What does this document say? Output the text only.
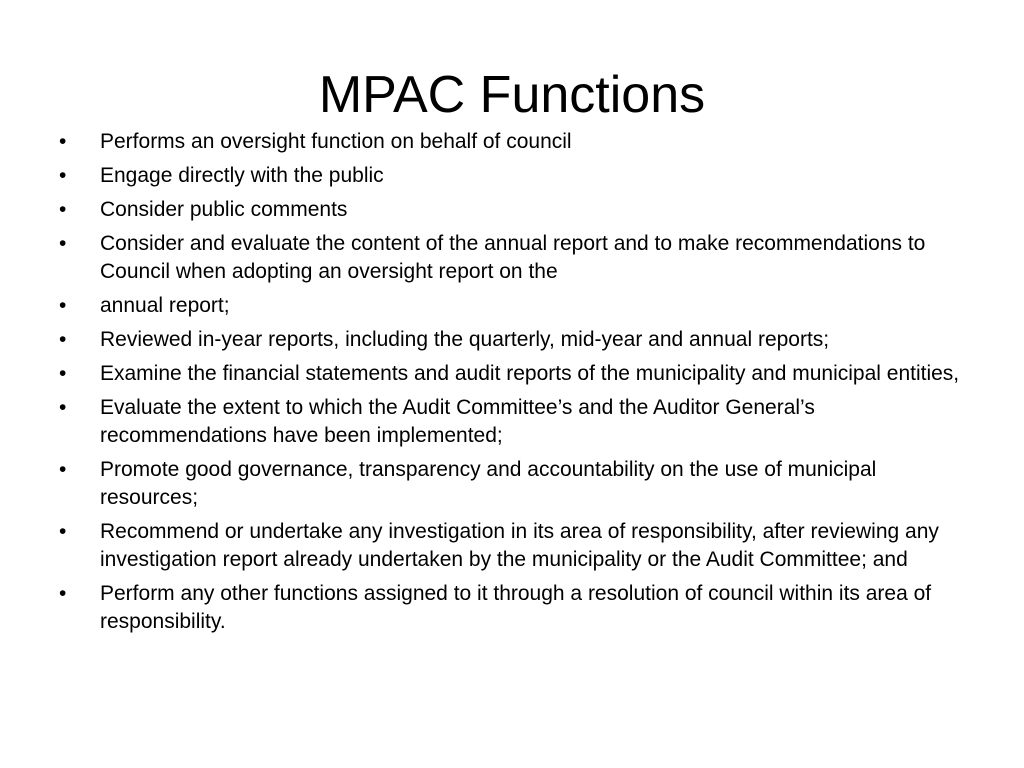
MPAC Functions
•	Performs an oversight function on behalf of council
•	Engage directly with the public
•	Consider public comments
•	Consider and evaluate the content of the annual report and to make recommendations to Council when adopting an oversight report on the
•	annual report;
•	Reviewed in-year reports, including the quarterly, mid-year and annual reports;
•	Examine the financial statements and audit reports of the municipality and municipal entities,
•	Evaluate the extent to which the Audit Committee’s and the Auditor General’s recommendations have been implemented;
•	Promote good governance, transparency and accountability on the use of municipal resources;
•	Recommend or undertake any investigation in its area of responsibility, after reviewing any investigation report already undertaken by the municipality or the Audit Committee; and
•	Perform any other functions assigned to it through a resolution of council within its area of responsibility.
